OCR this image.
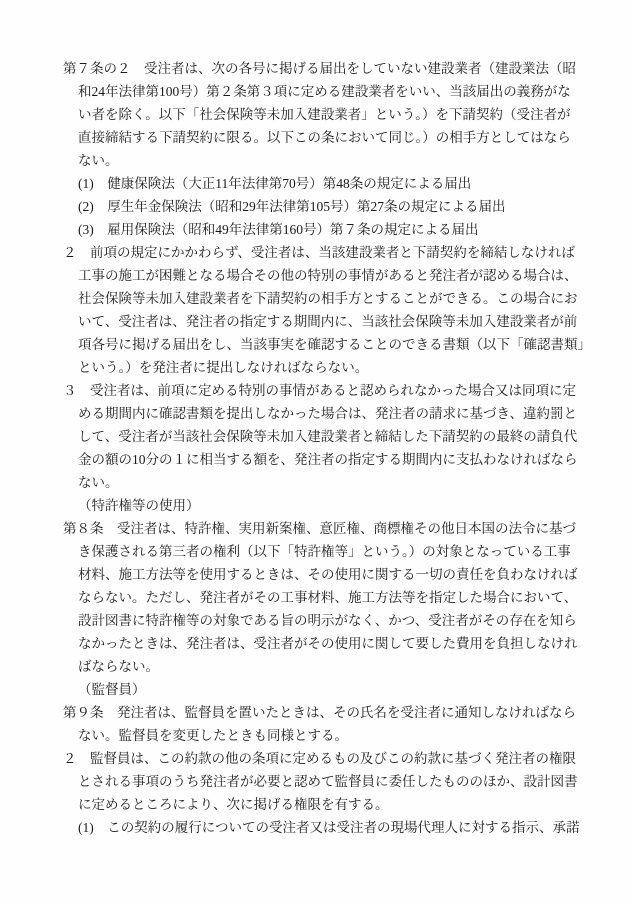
第７条の２　受注者は、次の各号に掲げる届出をしていない建設業者（建設業法（昭
和24年法律第100号）第２条第３項に定める建設業者をいい、当該届出の義務がな
い者を除く。以下「社会保険等未加入建設業者」という。）を下請契約（受注者が
直接締結する下請契約に限る。以下この条において同じ。）の相手方としてはなら
ない。
(1)　健康保険法（大正11年法律第70号）第48条の規定による届出
(2)　厚生年金保険法（昭和29年法律第105号）第27条の規定による届出
(3)　雇用保険法（昭和49年法律第160号）第７条の規定による届出
２　前項の規定にかかわらず、受注者は、当該建設業者と下請契約を締結しなければ
工事の施工が困難となる場合その他の特別の事情があると発注者が認める場合は、
社会保険等未加入建設業者を下請契約の相手方とすることができる。この場合にお
いて、受注者は、発注者の指定する期間内に、当該社会保険等未加入建設業者が前
項各号に掲げる届出をし、当該事実を確認することのできる書類（以下「確認書類」
という。）を発注者に提出しなければならない。
３　受注者は、前項に定める特別の事情があると認められなかった場合又は同項に定
める期間内に確認書類を提出しなかった場合は、発注者の請求に基づき、違約罰と
して、受注者が当該社会保険等未加入建設業者と締結した下請契約の最終の請負代
金の額の10分の１に相当する額を、発注者の指定する期間内に支払わなければなら
ない。
（特許権等の使用）
第８条　受注者は、特許権、実用新案権、意匠権、商標権その他日本国の法令に基づ
き保護される第三者の権利（以下「特許権等」という。）の対象となっている工事
材料、施工方法等を使用するときは、その使用に関する一切の責任を負わなければ
ならない。ただし、発注者がその工事材料、施工方法等を指定した場合において、
設計図書に特許権等の対象である旨の明示がなく、かつ、受注者がその存在を知ら
なかったときは、発注者は、受注者がその使用に関して要した費用を負担しなけれ
ばならない。
（監督員）
第９条　発注者は、監督員を置いたときは、その氏名を受注者に通知しなければなら
ない。監督員を変更したときも同様とする。
２　監督員は、この約款の他の条項に定めるもの及びこの約款に基づく発注者の権限
とされる事項のうち発注者が必要と認めて監督員に委任したもののほか、設計図書
に定めるところにより、次に掲げる権限を有する。
(1)　この契約の履行についての受注者又は受注者の現場代理人に対する指示、承諾
